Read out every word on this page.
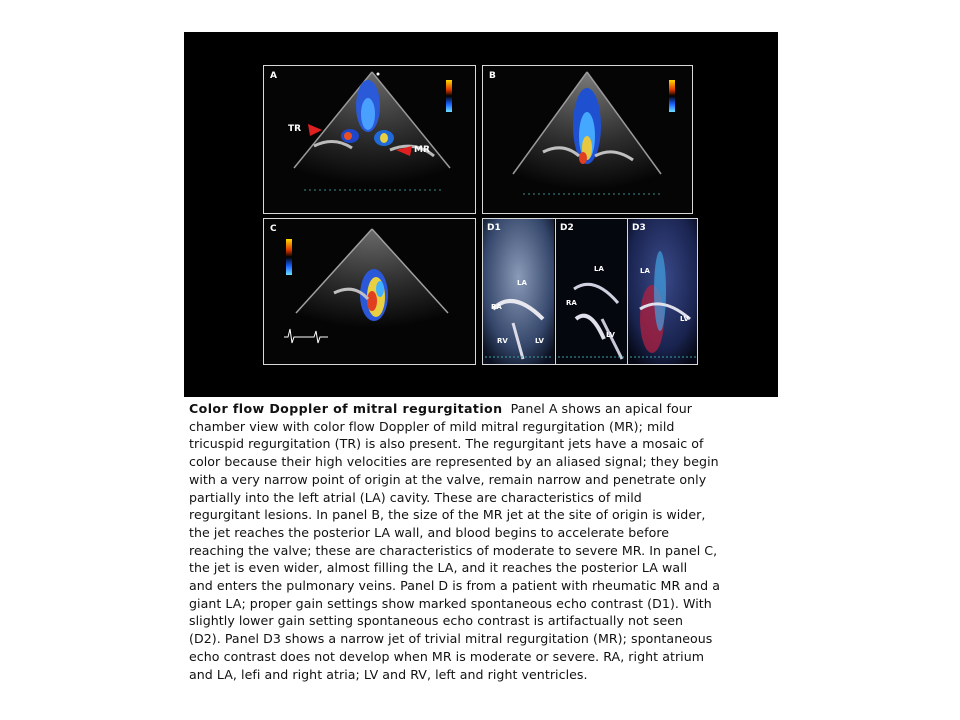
A
TR
MR
B
C	D1
LA
RA
RV	LV
D2
LA
RA
LV
D3
LA
LV
Color flow Doppler of mitral regurgitation Panel A shows an apical four
chamber view with color flow Doppler of mild mitral regurgitation (MR); mild
tricuspid regurgitation (TR) is also present. The regurgitant jets have a mosaic of
color because their high velocities are represented by an aliased signal; they begin
with a very narrow point of origin at the valve, remain narrow and penetrate only
partially into the left atrial (LA) cavity. These are characteristics of mild
regurgitant lesions. In panel B, the size of the MR jet at the site of origin is wider,
the jet reaches the posterior LA wall, and blood begins to accelerate before
reaching the valve; these are characteristics of moderate to severe MR. In panel C,
the jet is even wider, almost filling the LA, and it reaches the posterior LA wall
and enters the pulmonary veins. Panel D is from a patient with rheumatic MR and a
giant LA; proper gain settings show marked spontaneous echo contrast (D1). With
slightly lower gain setting spontaneous echo contrast is artifactually not seen
(D2). Panel D3 shows a narrow jet of trivial mitral regurgitation (MR); spontaneous
echo contrast does not develop when MR is moderate or severe. RA, right atrium
and LA, lefi and right atria; LV and RV, left and right ventricles.
